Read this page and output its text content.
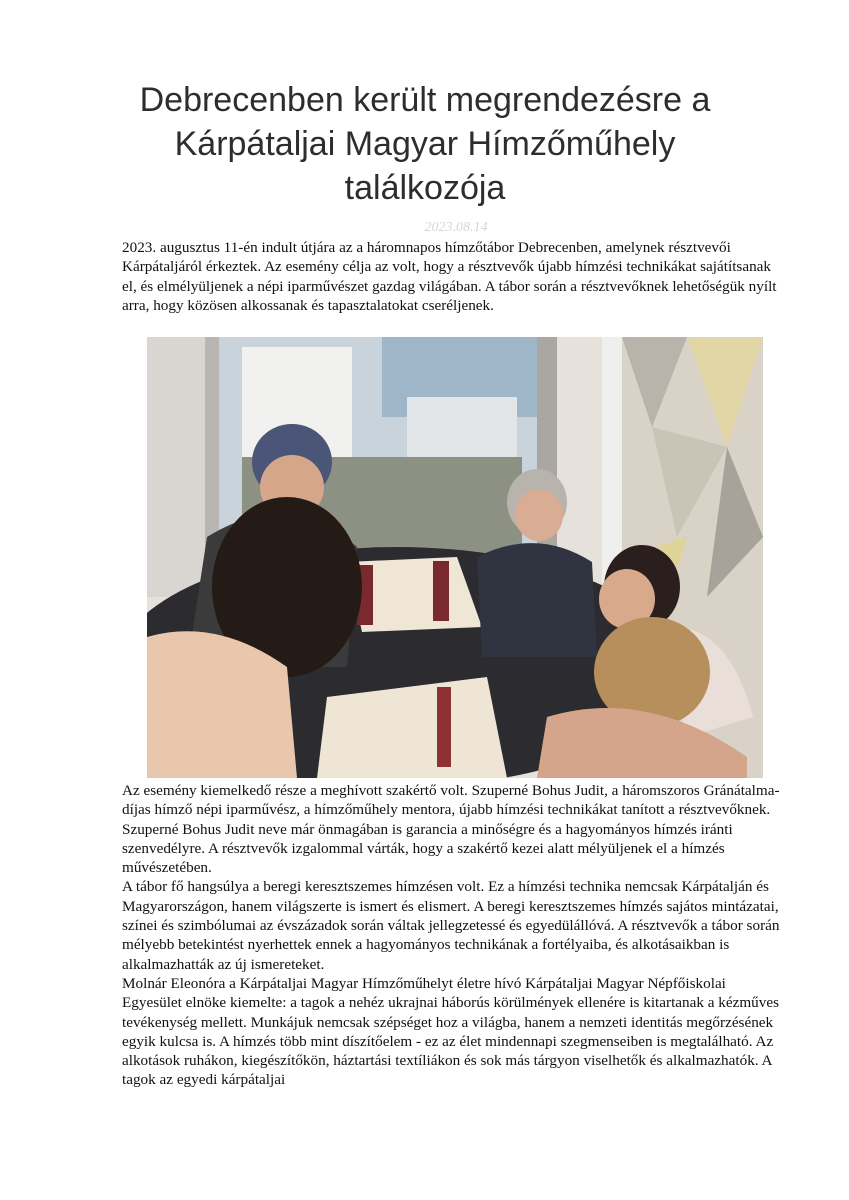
Debrecenben került megrendezésre a Kárpátaljai Magyar Hímzőműhely találkozója
2023.08.14

2023. augusztus 11-én indult útjára az a háromnapos hímzőtábor Debrecenben, amelynek résztvevői Kárpátaljáról érkeztek. Az esemény célja az volt, hogy a résztvevők újabb hímzési technikákat sajátítsanak el, és elmélyüljenek a népi iparművészet gazdag világában. A tábor során a résztvevőknek lehetőségük nyílt arra, hogy közösen alkossanak és tapasztalatokat cseréljenek.

Az esemény kiemelkedő része a meghívott szakértő volt. Szuperné Bohus Judit, a háromszoros Gránátalma-díjas hímző népi iparművész, a hímzőműhely mentora, újabb hímzési technikákat tanított a résztvevőknek. Szuperné Bohus Judit neve már önmagában is garancia a minőségre és a hagyományos hímzés iránti szenvedélyre. A résztvevők izgalommal várták, hogy a szakértő kezei alatt mélyüljenek el a hímzés művészetében.
A tábor fő hangsúlya a beregi keresztszemes hímzésen volt. Ez a hímzési technika nemcsak Kárpátalján és Magyarországon, hanem világszerte is ismert és elismert. A beregi keresztszemes hímzés sajátos mintázatai, színei és szimbólumai az évszázadok során váltak jellegzetessé és egyedülállóvá. A résztvevők a tábor során mélyebb betekintést nyerhettek ennek a hagyományos technikának a fortélyaiba, és alkotásaikban is alkalmazhatták az új ismereteket.
Molnár Eleonóra a Kárpátaljai Magyar Hímzőműhelyt életre hívó Kárpátaljai Magyar Népfőiskolai Egyesület elnöke kiemelte: a tagok a nehéz ukrajnai háborús körülmények ellenére is kitartanak a kézműves tevékenység mellett. Munkájuk nemcsak szépséget hoz a világba, hanem a nemzeti identitás megőrzésének egyik kulcsa is. A hímzés több mint díszítőelem - ez az élet mindennapi szegmenseiben is megtalálható. Az alkotások ruhákon, kiegészítőkön, háztartási textíliákon és sok más tárgyon viselhetők és alkalmazhatók. A tagok az egyedi kárpátaljai
